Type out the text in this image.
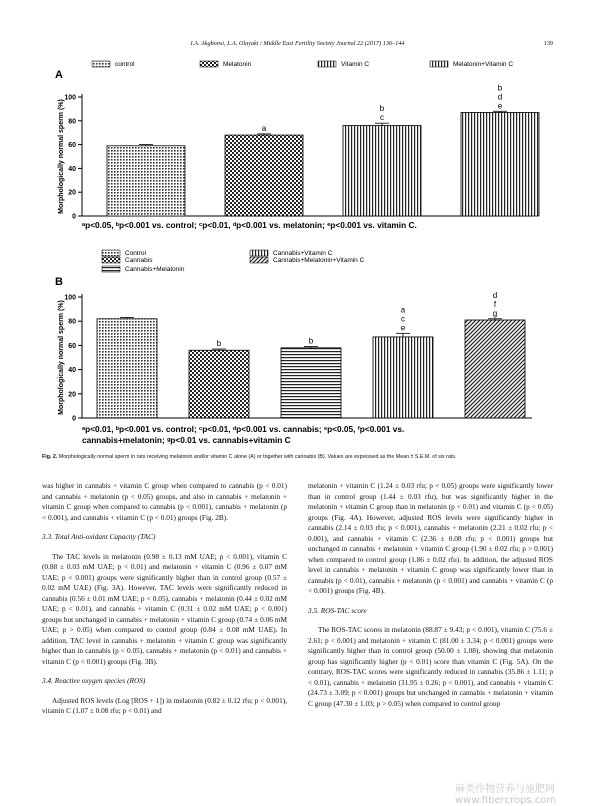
I.A. Akgbonsi, L.A. Olayaki / Middle East Fertility Society Journal 22 (2017) 136–144	139
A
0
20
40
60
80
100
Morphologically normal sperm (%)
control
a
Melatonin
b
c
Vitamin C
b
d
e
Melatonin+Vitamin C
ᵃp<0.05, ᵇp<0.001 vs. control; ᶜp<0.01, ᵈp<0.001 vs. melatonin; ᵉp<0.001 vs. vitamin C.
B
0
20
40
60
80
100
Morphologically normal sperm (%)
Control
b
Cannabis
b
Cannabis+Melatonin
a
c
e
Cannabis+Vitamin C
d
f
g
Cannabis+Melatonin+Vitamin C
ᵃp<0.01, ᵇp<0.001 vs. control; ᶜp<0.01, ᵈp<0.001 vs. cannabis; ᵉp<0.05, ᶠp<0.001 vs.
cannabis+melatonin; ᵍp<0.01 vs. cannabis+vitamin C
Fig. 2. Morphologically normal sperm in rats receiving melatonin and/or vitamin C alone (A) or together with cannabis (B). Values are expressed as the Mean ± S.E.M. of six rats.

was higher in cannabis + vitamin C group when compared to cannabis (p < 0.01) and cannabis + melatonin (p < 0.05) groups, and also in cannabis + melatonin + vitamin C group when compared to cannabis (p < 0.001), cannabis + melatonin (p < 0.001), and cannabis + vitamin C (p < 0.01) groups (Fig. 2B).

3.3. Total Anti-oxidant Capacity (TAC)

The TAC levels in melatonin (0.98 ± 0.13 mM UAE; p < 0.001), vitamin C (0.88 ± 0.03 mM UAE; p < 0.01) and melatonin + vitamin C (0.96 ± 0.07 mM UAE; p < 0.001) groups were significantly higher than in control group (0.57 ± 0.02 mM UAE) (Fig. 3A). However, TAC levels were significantly reduced in cannabis (0.56 ± 0.01 mM UAE; p < 0.05), cannabis + melatonin (0.44 ± 0.02 mM UAE; p < 0.01), and cannabis + vitamin C (0.31 ± 0.02 mM UAE; p < 0.001) groups but unchanged in cannabis + melatonin + vitamin C group (0.74 ± 0.06 mM UAE; p > 0.05) when compared to control group (0.84 ± 0.08 mM UAE). In addition, TAC level in cannabis + melatonin + vitamin C group was significantly higher than in cannabis (p < 0.05), cannabis + melatonin (p < 0.01) and cannabis + vitamin C (p < 0.001) groups (Fig. 3B).

3.4. Reactive oxygen species (ROS)

Adjusted ROS levels (Log [ROS + 1]) in melatonin (0.82 ± 0.12 rfu; p < 0.001), vitamin C (1.07 ± 0.08 rfu; p < 0.01) and

melatonin + vitamin C (1.24 ± 0.03 rfu; p < 0.05) groups were significantly lower than in control group (1.44 ± 0.03 rfu), but was significantly higher in the melatonin + vitamin C group than in melatonin (p < 0.01) and vitamin C (p < 0.05) groups (Fig. 4A). However, adjusted ROS levels were significantly higher in cannabis (2.14 ± 0.03 rfu; p < 0.001), cannabis + melatonin (2.21 ± 0.02 rfu; p < 0.001), and cannabis + vitamin C (2.36 ± 0.08 rfu; p < 0.001) groups but unchanged in cannabis + melatonin + vitamin C group (1.90 ± 0.02 rfu; p > 0.001) when compared to control group (1.86 ± 0.02 rfu). In addition, the adjusted ROS level in cannabis + melatonin + vitamin C group was significantly lower than in cannabis (p < 0.01), cannabis + melatonin (p < 0.001) and cannabis + vitamin C (p < 0.001) groups (Fig. 4B).

3.5. ROS-TAC score

The ROS-TAC scores in melatonin (88.87 ± 9.43; p < 0.001), vitamin C (75.6 ± 2.61; p < 0.001) and melatonin + vitamin C (81.00 ± 3.34; p < 0.001) groups were significantly higher than in control group (50.00 ± 1.08), showing that melatonin group has significantly higher (p < 0.01) score than vitamin C (Fig. 5A). On the contrary, ROS-TAC scores were significantly reduced in cannabis (35.86 ± 1.11; p < 0.01), cannabis + melatonin (31.95 ± 0.26; p < 0.001), and cannabis + vitamin C (24.73 ± 3.09; p < 0.001) groups but unchanged in cannabis + melatonin + vitamin C group (47.30 ± 1.03; p > 0.05) when compared to control group

麻类作物营养与施肥网 www.fibercrops.com
